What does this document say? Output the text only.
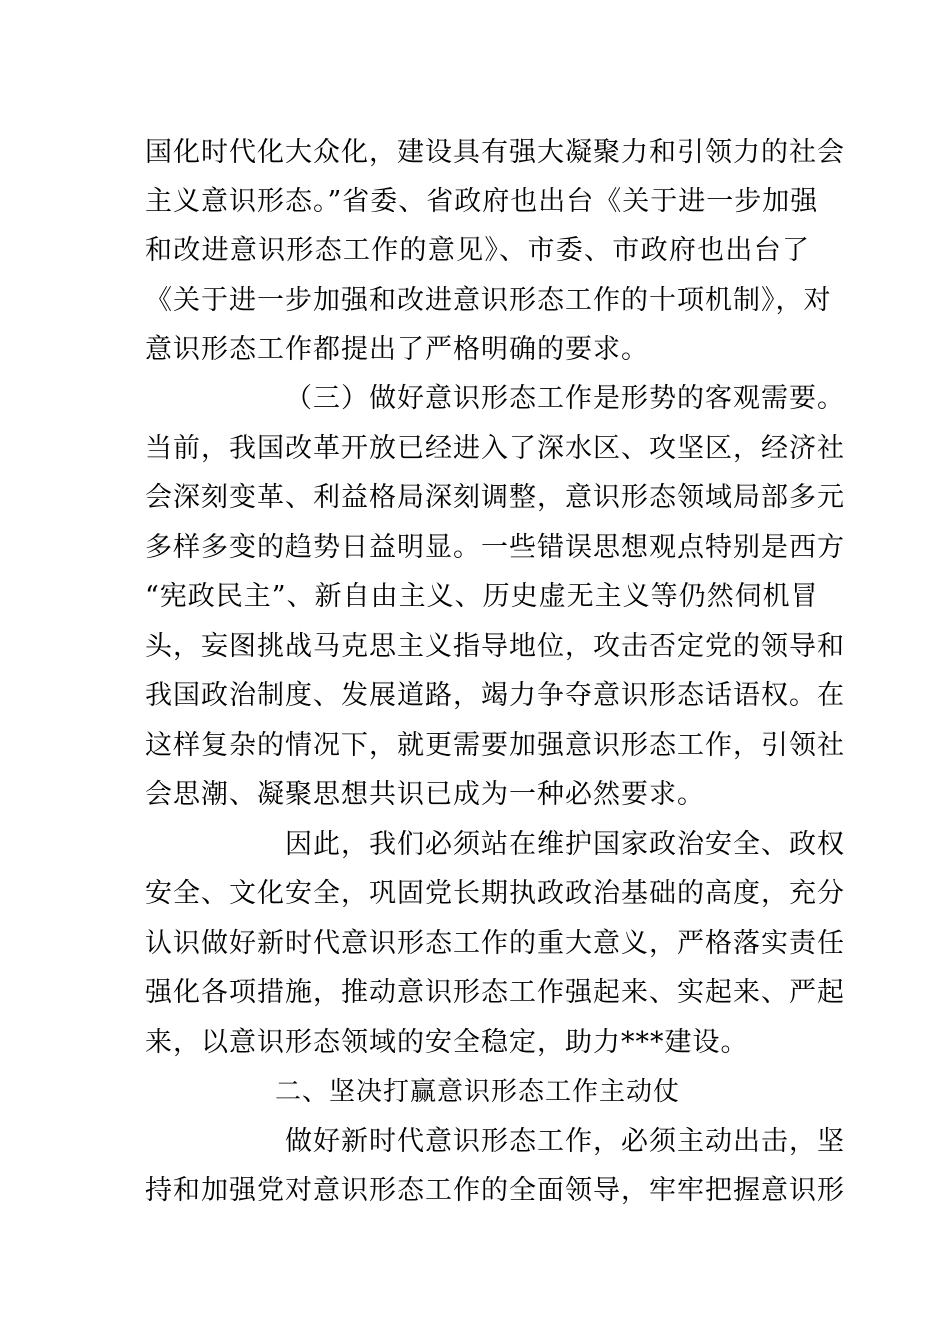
国化时代化大众化，建设具有强大凝聚力和引领力的社会
主义意识形态。”省委、省政府也出台《关于进一步加强
和改进意识形态工作的意见》、市委、市政府也出台了
《关于进一步加强和改进意识形态工作的十项机制》，对
意识形态工作都提出了严格明确的要求。
（三）做好意识形态工作是形势的客观需要。
当前，我国改革开放已经进入了深水区、攻坚区，经济社
会深刻变革、利益格局深刻调整，意识形态领域局部多元
多样多变的趋势日益明显。一些错误思想观点特别是西方
“宪政民主”、新自由主义、历史虚无主义等仍然伺机冒
头，妄图挑战马克思主义指导地位，攻击否定党的领导和
我国政治制度、发展道路，竭力争夺意识形态话语权。在
这样复杂的情况下，就更需要加强意识形态工作，引领社
会思潮、凝聚思想共识已成为一种必然要求。
因此，我们必须站在维护国家政治安全、政权
安全、文化安全，巩固党长期执政政治基础的高度，充分
认识做好新时代意识形态工作的重大意义，严格落实责任
强化各项措施，推动意识形态工作强起来、实起来、严起
来，以意识形态领域的安全稳定，助力***建设。
二、坚决打赢意识形态工作主动仗
做好新时代意识形态工作，必须主动出击，坚
持和加强党对意识形态工作的全面领导，牢牢把握意识形
